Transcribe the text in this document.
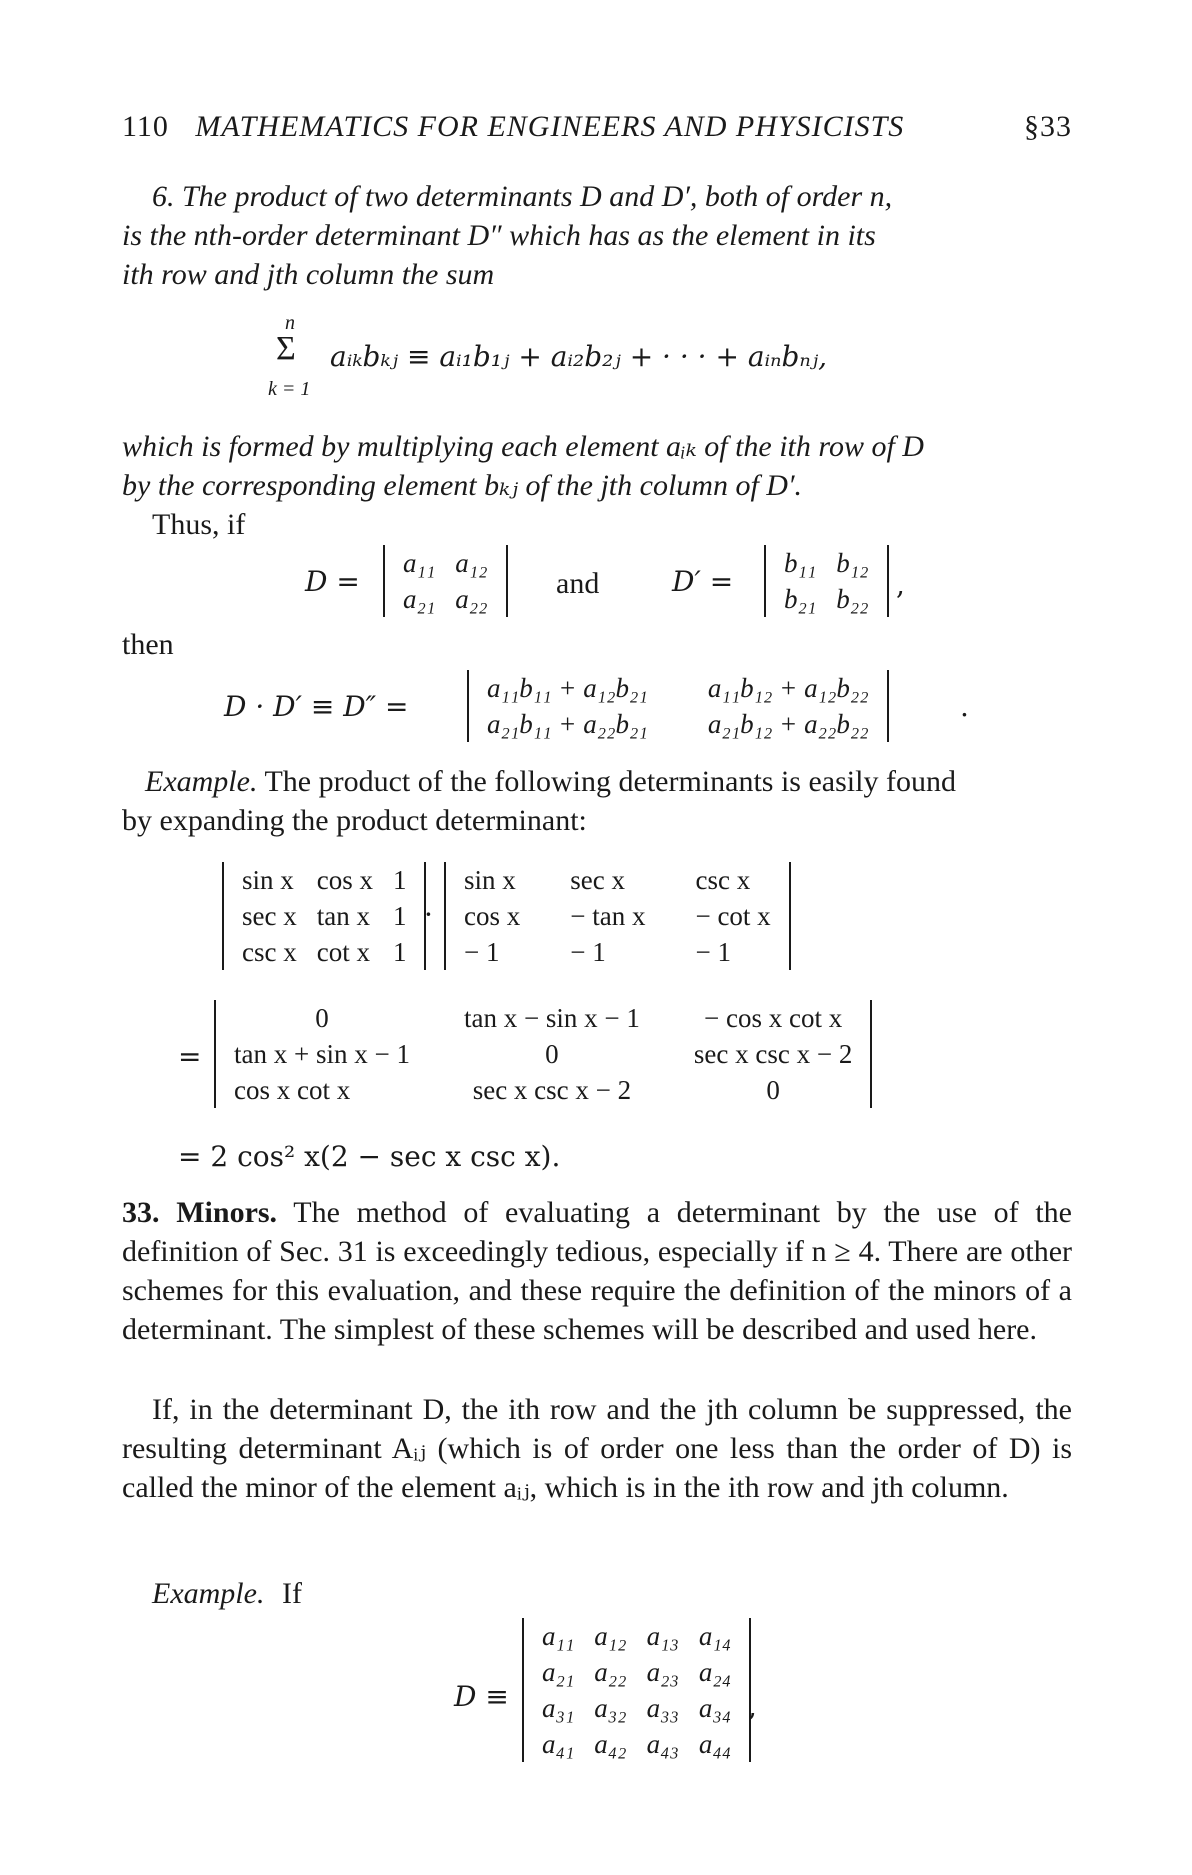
110 MATHEMATICS FOR ENGINEERS AND PHYSICISTS	§33
6. The product of two determinants D and D′, both of order n,
is the nth-order determinant D″ which has as the element in its
ith row and jth column the sum
n
Σ
k = 1
aᵢₖbₖⱼ ≡ aᵢ₁b₁ⱼ + aᵢ₂b₂ⱼ + · · · + aᵢₙbₙⱼ,
which is formed by multiplying each element aᵢₖ of the ith row of D
by the corresponding element bₖⱼ of the jth column of D′.
Thus, if
D =
a₁₁	a₁₂
a₂₁	a₂₂ and	D′ =
b₁₁	b₁₂
b₂₁	b₂₂ ,
then
D · D′ ≡ D″ =
a₁₁b₁₁ + a₁₂b₂₁	a₁₁b₁₂ + a₁₂b₂₂
a₂₁b₁₁ + a₂₂b₂₁	a₂₁b₁₂ + a₂₂b₂₂
.
Example. The product of the following determinants is easily found
by expanding the product determinant:
sin x	cos x	1
sec x	tan x	1
csc x	cot x	1
·
sin x	sec x	csc x
cos x	− tan x	− cot x
− 1	− 1	− 1
=
0	tan x − sin x − 1	− cos x cot x
tan x + sin x − 1	0	sec x csc x − 2
cos x cot x	sec x csc x − 2	0
= 2 cos² x(2 − sec x csc x).

33. Minors. The method of evaluating a determinant by the use of the definition of Sec. 31 is exceedingly tedious, especially if n ≥ 4. There are other schemes for this evaluation, and these require the definition of the minors of a determinant. The simplest of these schemes will be described and used here.

If, in the determinant D, the ith row and the jth column be suppressed, the resulting determinant Aᵢⱼ (which is of order one less than the order of D) is called the minor of the element aᵢⱼ, which is in the ith row and jth column.

Example. If
D ≡
a₁₁	a₁₂	a₁₃	a₁₄
a₂₁	a₂₂	a₂₃	a₂₄
a₃₁	a₃₂	a₃₃	a₃₄
a₄₁	a₄₂	a₄₃	a₄₄
,
